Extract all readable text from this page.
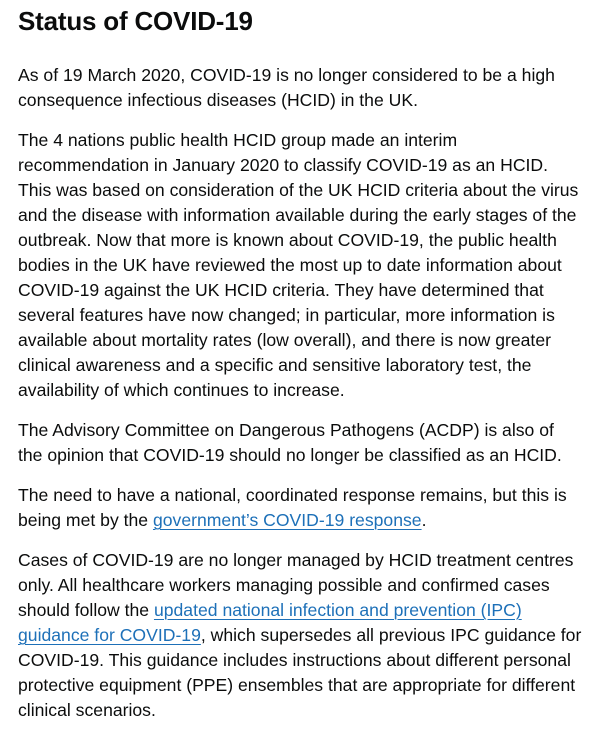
Status of COVID-19

As of 19 March 2020, COVID-19 is no longer considered to be a high consequence infectious diseases (HCID) in the UK.

The 4 nations public health HCID group made an interim recommendation in January 2020 to classify COVID-19 as an HCID. This was based on consideration of the UK HCID criteria about the virus and the disease with information available during the early stages of the outbreak. Now that more is known about COVID-19, the public health bodies in the UK have reviewed the most up to date information about COVID-19 against the UK HCID criteria. They have determined that several features have now changed; in particular, more information is available about mortality rates (low overall), and there is now greater clinical awareness and a specific and sensitive laboratory test, the availability of which continues to increase.

The Advisory Committee on Dangerous Pathogens (ACDP) is also of the opinion that COVID-19 should no longer be classified as an HCID.

The need to have a national, coordinated response remains, but this is being met by the government’s COVID-19 response.

Cases of COVID-19 are no longer managed by HCID treatment centres only. All healthcare workers managing possible and confirmed cases should follow the updated national infection and prevention (IPC) guidance for COVID-19, which supersedes all previous IPC guidance for COVID-19. This guidance includes instructions about different personal protective equipment (PPE) ensembles that are appropriate for different clinical scenarios.
